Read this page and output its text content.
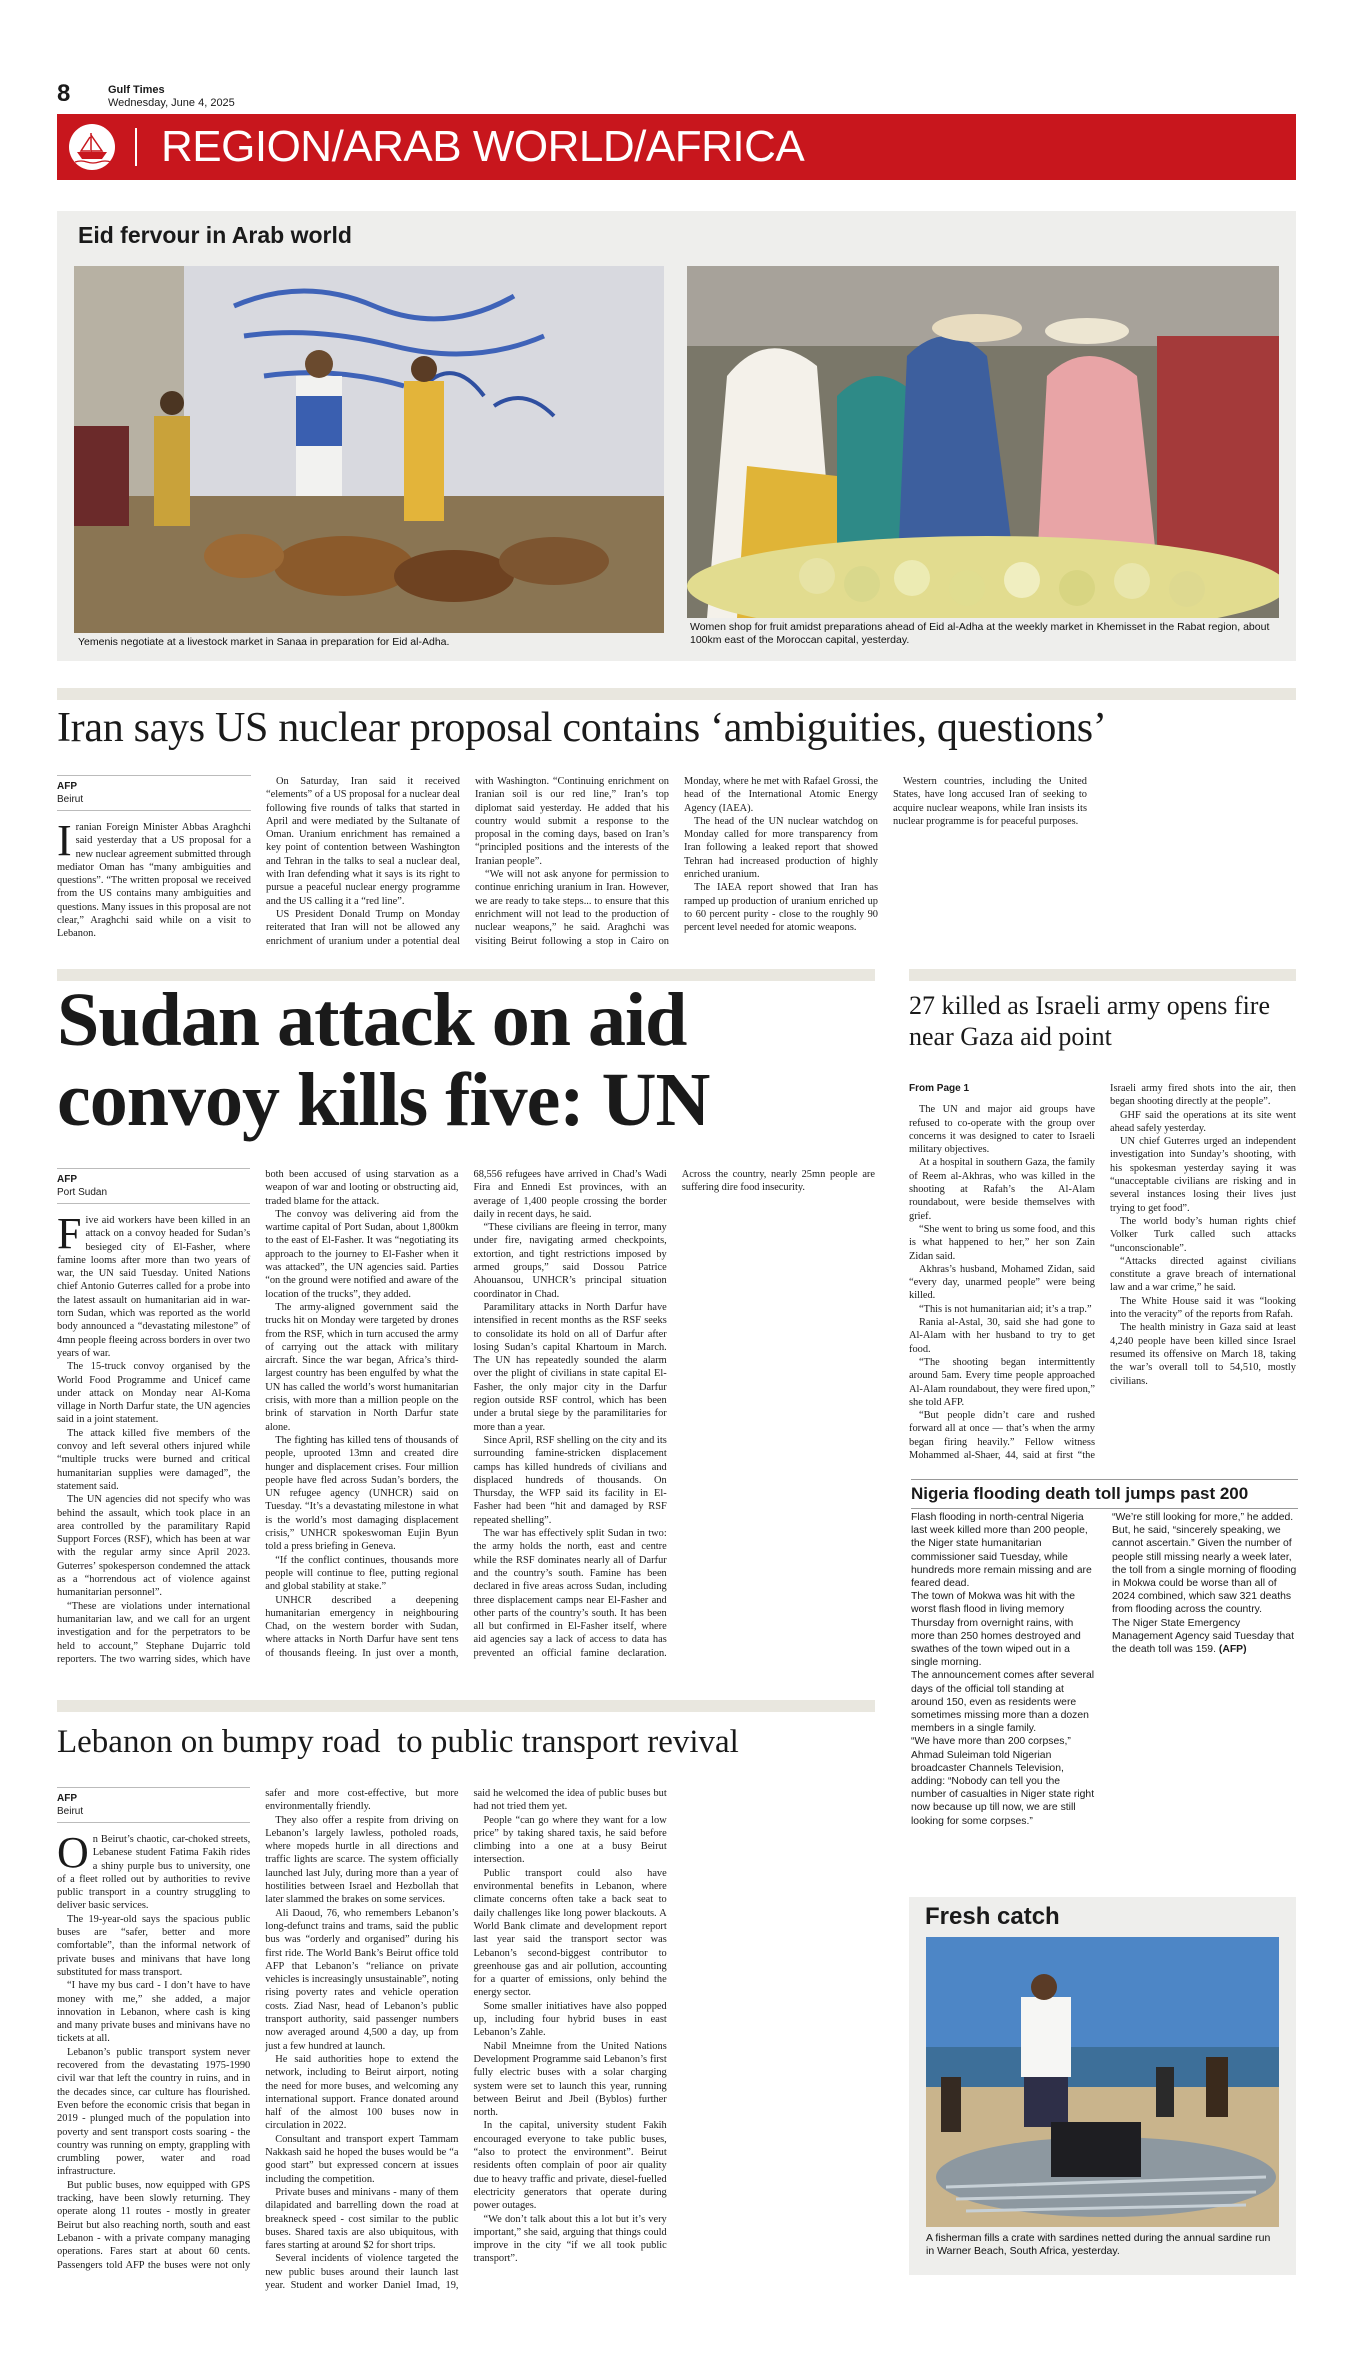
8	Gulf Times
Wednesday, June 4, 2025
REGION/ARAB WORLD/AFRICA
Eid fervour in Arab world
Yemenis negotiate at a livestock market in Sanaa in preparation for Eid al-Adha.
Women shop for fruit amidst preparations ahead of Eid al-Adha at the weekly market in Khemisset in the Rabat region, about 100km east of the Moroccan capital, yesterday.
Iran says US nuclear proposal contains ‘ambiguities, questions’
AFP
Beirut

Iranian Foreign Minister Abbas Araghchi said yesterday that a US proposal for a new nuclear agreement submitted through mediator Oman has “many ambiguities and questions”. “The written proposal we received from the US contains many ambiguities and questions. Many issues in this proposal are not clear,” Araghchi said while on a visit to Lebanon.

On Saturday, Iran said it received “elements” of a US proposal for a nuclear deal following five rounds of talks that started in April and were mediated by the Sultanate of Oman. Uranium enrichment has remained a key point of contention between Washington and Tehran in the talks to seal a nuclear deal, with Iran defending what it says is its right to pursue a peaceful nuclear energy programme and the US calling it a “red line”.

US President Donald Trump on Monday reiterated that Iran will not be allowed any enrichment of uranium under a potential deal with Washington. “Continuing enrichment on Iranian soil is our red line,” Iran’s top diplomat said yesterday. He added that his country would submit a response to the proposal in the coming days, based on Iran’s “principled positions and the interests of the Iranian people”.

“We will not ask anyone for permission to continue enriching uranium in Iran. However, we are ready to take steps... to ensure that this enrichment will not lead to the production of nuclear weapons,” he said. Araghchi was visiting Beirut following a stop in Cairo on Monday, where he met with Rafael Grossi, the head of the International Atomic Energy Agency (IAEA).

The head of the UN nuclear watchdog on Monday called for more transparency from Iran following a leaked report that showed Tehran had increased production of highly enriched uranium.

The IAEA report showed that Iran has ramped up production of uranium enriched up to 60 percent purity - close to the roughly 90 percent level needed for atomic weapons.

Western countries, including the United States, have long accused Iran of seeking to acquire nuclear weapons, while Iran insists its nuclear programme is for peaceful purposes.

Sudan attack on aid convoy kills five: UN
AFP
Port Sudan

Five aid workers have been killed in an attack on a convoy headed for Sudan’s besieged city of El-Fasher, where famine looms after more than two years of war, the UN said Tuesday. United Nations chief Antonio Guterres called for a probe into the latest assault on humanitarian aid in war-torn Sudan, which was reported as the world body announced a “devastating milestone” of 4mn people fleeing across borders in over two years of war.

The 15-truck convoy organised by the World Food Programme and Unicef came under attack on Monday near Al-Koma village in North Darfur state, the UN agencies said in a joint statement.

The attack killed five members of the convoy and left several others injured while “multiple trucks were burned and critical humanitarian supplies were damaged”, the statement said.

The UN agencies did not specify who was behind the assault, which took place in an area controlled by the paramilitary Rapid Support Forces (RSF), which has been at war with the regular army since April 2023. Guterres’ spokesperson condemned the attack as a “horrendous act of violence against humanitarian personnel”.

“These are violations under international humanitarian law, and we call for an urgent investigation and for the perpetrators to be held to account,” Stephane Dujarric told reporters. The two warring sides, which have both been accused of using starvation as a weapon of war and looting or obstructing aid, traded blame for the attack.

The convoy was delivering aid from the wartime capital of Port Sudan, about 1,800km to the east of El-Fasher. It was “negotiating its approach to the journey to El-Fasher when it was attacked”, the UN agencies said. Parties “on the ground were notified and aware of the location of the trucks”, they added.

The army-aligned government said the trucks hit on Monday were targeted by drones from the RSF, which in turn accused the army of carrying out the attack with military aircraft. Since the war began, Africa’s third-largest country has been engulfed by what the UN has called the world’s worst humanitarian crisis, with more than a million people on the brink of starvation in North Darfur state alone.

The fighting has killed tens of thousands of people, uprooted 13mn and created dire hunger and displacement crises. Four million people have fled across Sudan’s borders, the UN refugee agency (UNHCR) said on Tuesday. “It’s a devastating milestone in what is the world’s most damaging displacement crisis,” UNHCR spokeswoman Eujin Byun told a press briefing in Geneva.

“If the conflict continues, thousands more people will continue to flee, putting regional and global stability at stake.”

UNHCR described a deepening humanitarian emergency in neighbouring Chad, on the western border with Sudan, where attacks in North Darfur have sent tens of thousands fleeing. In just over a month, 68,556 refugees have arrived in Chad’s Wadi Fira and Ennedi Est provinces, with an average of 1,400 people crossing the border daily in recent days, he said.

“These civilians are fleeing in terror, many under fire, navigating armed checkpoints, extortion, and tight restrictions imposed by armed groups,” said Dossou Patrice Ahouansou, UNHCR’s principal situation coordinator in Chad.

Paramilitary attacks in North Darfur have intensified in recent months as the RSF seeks to consolidate its hold on all of Darfur after losing Sudan’s capital Khartoum in March. The UN has repeatedly sounded the alarm over the plight of civilians in state capital El-Fasher, the only major city in the Darfur region outside RSF control, which has been under a brutal siege by the paramilitaries for more than a year.

Since April, RSF shelling on the city and its surrounding famine-stricken displacement camps has killed hundreds of civilians and displaced hundreds of thousands. On Thursday, the WFP said its facility in El-Fasher had been “hit and damaged by RSF repeated shelling”.

The war has effectively split Sudan in two: the army holds the north, east and centre while the RSF dominates nearly all of Darfur and the country’s south. Famine has been declared in five areas across Sudan, including three displacement camps near El-Fasher and other parts of the country’s south. It has been all but confirmed in El-Fasher itself, where aid agencies say a lack of access to data has prevented an official famine declaration. Across the country, nearly 25mn people are suffering dire food insecurity.

27 killed as Israeli army opens fire near Gaza aid point
From Page 1

The UN and major aid groups have refused to co-operate with the group over concerns it was designed to cater to Israeli military objectives.

At a hospital in southern Gaza, the family of Reem al-Akhras, who was killed in the shooting at Rafah’s the Al-Alam roundabout, were beside themselves with grief.

“She went to bring us some food, and this is what happened to her,” her son Zain Zidan said.

Akhras’s husband, Mohamed Zidan, said “every day, unarmed people” were being killed.

“This is not humanitarian aid; it’s a trap.”

Rania al-Astal, 30, said she had gone to Al-Alam with her husband to try to get food.

“The shooting began intermittently around 5am. Every time people approached Al-Alam roundabout, they were fired upon,” she told AFP.

“But people didn’t care and rushed forward all at once — that’s when the army began firing heavily.” Fellow witness Mohammed al-Shaer, 44, said at first “the Israeli army fired shots into the air, then began shooting directly at the people”.

GHF said the operations at its site went ahead safely yesterday.

UN chief Guterres urged an independent investigation into Sunday’s shooting, with his spokesman yesterday saying it was “unacceptable civilians are risking and in several instances losing their lives just trying to get food”.

The world body’s human rights chief Volker Turk called such attacks “unconscionable”.

“Attacks directed against civilians constitute a grave breach of international law and a war crime,” he said.

The White House said it was “looking into the veracity” of the reports from Rafah.

The health ministry in Gaza said at least 4,240 people have been killed since Israel resumed its offensive on March 18, taking the war’s overall toll to 54,510, mostly civilians.

Nigeria flooding death toll jumps past 200
Flash flooding in north-central Nigeria last week killed more than 200 people, the Niger state humanitarian commissioner said Tuesday, while hundreds more remain missing and are feared dead.
The town of Mokwa was hit with the worst flash flood in living memory Thursday from overnight rains, with more than 250 homes destroyed and swathes of the town wiped out in a single morning.
The announcement comes after several days of the official toll standing at around 150, even as residents were sometimes missing more than a dozen members in a single family.
“We have more than 200 corpses,” Ahmad Suleiman told Nigerian broadcaster Channels Television, adding: “Nobody can tell you the number of casualties in Niger state right now because up till now, we are still looking for some corpses.”
“We’re still looking for more,” he added. But, he said, “sincerely speaking, we cannot ascertain.” Given the number of people still missing nearly a week later, the toll from a single morning of flooding in Mokwa could be worse than all of 2024 combined, which saw 321 deaths from flooding across the country.
The Niger State Emergency Management Agency said Tuesday that the death toll was 159. (AFP)
Lebanon on bumpy road  to public transport revival
AFP
Beirut

On Beirut’s chaotic, car-choked streets, Lebanese student Fatima Fakih rides a shiny purple bus to university, one of a fleet rolled out by authorities to revive public transport in a country struggling to deliver basic services.

The 19-year-old says the spacious public buses are “safer, better and more comfortable”, than the informal network of private buses and minivans that have long substituted for mass transport.

“I have my bus card - I don’t have to have money with me,” she added, a major innovation in Lebanon, where cash is king and many private buses and minivans have no tickets at all.

Lebanon’s public transport system never recovered from the devastating 1975-1990 civil war that left the country in ruins, and in the decades since, car culture has flourished. Even before the economic crisis that began in 2019 - plunged much of the population into poverty and sent transport costs soaring - the country was running on empty, grappling with crumbling power, water and road infrastructure.

But public buses, now equipped with GPS tracking, have been slowly returning. They operate along 11 routes - mostly in greater Beirut but also reaching north, south and east Lebanon - with a private company managing operations. Fares start at about 60 cents. Passengers told AFP the buses were not only safer and more cost-effective, but more environmentally friendly.

They also offer a respite from driving on Lebanon’s largely lawless, potholed roads, where mopeds hurtle in all directions and traffic lights are scarce. The system officially launched last July, during more than a year of hostilities between Israel and Hezbollah that later slammed the brakes on some services.

Ali Daoud, 76, who remembers Lebanon’s long-defunct trains and trams, said the public bus was “orderly and organised” during his first ride. The World Bank’s Beirut office told AFP that Lebanon’s “reliance on private vehicles is increasingly unsustainable”, noting rising poverty rates and vehicle operation costs. Ziad Nasr, head of Lebanon’s public transport authority, said passenger numbers now averaged around 4,500 a day, up from just a few hundred at launch.

He said authorities hope to extend the network, including to Beirut airport, noting the need for more buses, and welcoming any international support. France donated around half of the almost 100 buses now in circulation in 2022.

Consultant and transport expert Tammam Nakkash said he hoped the buses would be “a good start” but expressed concern at issues including the competition.

Private buses and minivans - many of them dilapidated and barrelling down the road at breakneck speed - cost similar to the public buses. Shared taxis are also ubiquitous, with fares starting at around $2 for short trips.

Several incidents of violence targeted the new public buses around their launch last year. Student and worker Daniel Imad, 19, said he welcomed the idea of public buses but had not tried them yet.

People “can go where they want for a low price” by taking shared taxis, he said before climbing into a one at a busy Beirut intersection.

Public transport could also have environmental benefits in Lebanon, where climate concerns often take a back seat to daily challenges like long power blackouts. A World Bank climate and development report last year said the transport sector was Lebanon’s second-biggest contributor to greenhouse gas and air pollution, accounting for a quarter of emissions, only behind the energy sector.

Some smaller initiatives have also popped up, including four hybrid buses in east Lebanon’s Zahle.

Nabil Mneimne from the United Nations Development Programme said Lebanon’s first fully electric buses with a solar charging system were set to launch this year, running between Beirut and Jbeil (Byblos) further north.

In the capital, university student Fakih encouraged everyone to take public buses, “also to protect the environment”. Beirut residents often complain of poor air quality due to heavy traffic and private, diesel-fuelled electricity generators that operate during power outages.

“We don’t talk about this a lot but it’s very important,” she said, arguing that things could improve in the city “if we all took public transport”.

Fresh catch
A fisherman fills a crate with sardines netted during the annual sardine run in Warner Beach, South Africa, yesterday.
